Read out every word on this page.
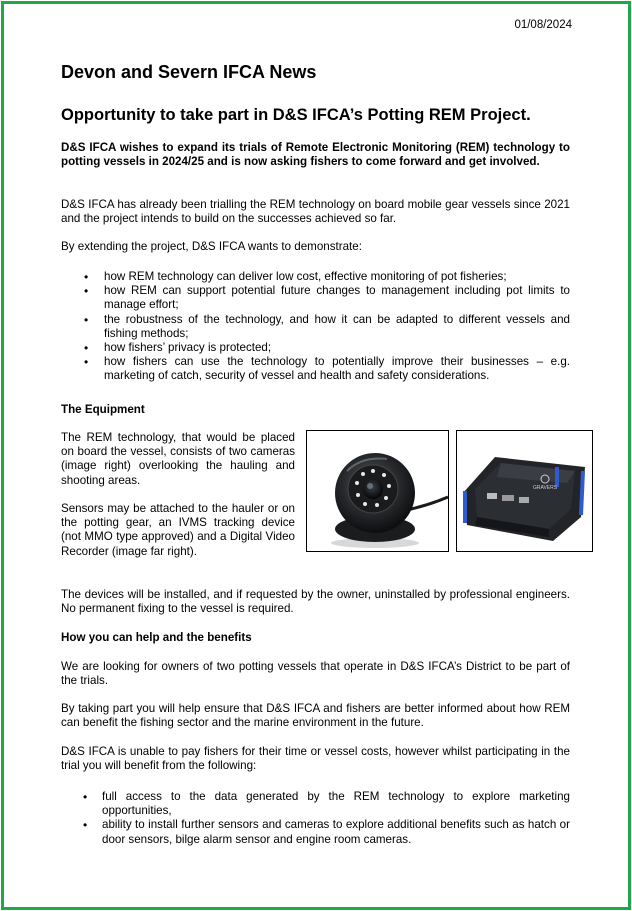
01/08/2024
Devon and Severn IFCA News
Opportunity to take part in D&S IFCA’s Potting REM Project.

D&S IFCA wishes to expand its trials of Remote Electronic Monitoring (REM) technology to potting vessels in 2024/25 and is now asking fishers to come forward and get involved.

D&S IFCA has already been trialling the REM technology on board mobile gear vessels since 2021 and the project intends to build on the successes achieved so far.

By extending the project, D&S IFCA wants to demonstrate:

• how REM technology can deliver low cost, effective monitoring of pot fisheries;
• how REM can support potential future changes to management including pot limits to manage effort;
• the robustness of the technology, and how it can be adapted to different vessels and fishing methods;
• how fishers’ privacy is protected;
• how fishers can use the technology to potentially improve their businesses – e.g. marketing of catch, security of vessel and health and safety considerations.

The Equipment

The REM technology, that would be placed on board the vessel, consists of two cameras (image right) overlooking the hauling and shooting areas.

Sensors may be attached to the hauler or on the potting gear, an IVMS tracking device (not MMO type approved) and a Digital Video Recorder (image far right).

GRAVERS

The devices will be installed, and if requested by the owner, uninstalled by professional engineers. No permanent fixing to the vessel is required.

How you can help and the benefits

We are looking for owners of two potting vessels that operate in D&S IFCA’s District to be part of the trials.

By taking part you will help ensure that D&S IFCA and fishers are better informed about how REM can benefit the fishing sector and the marine environment in the future.

D&S IFCA is unable to pay fishers for their time or vessel costs, however whilst participating in the trial you will benefit from the following:

• full access to the data generated by the REM technology to explore marketing opportunities,
• ability to install further sensors and cameras to explore additional benefits such as hatch or door sensors, bilge alarm sensor and engine room cameras.
